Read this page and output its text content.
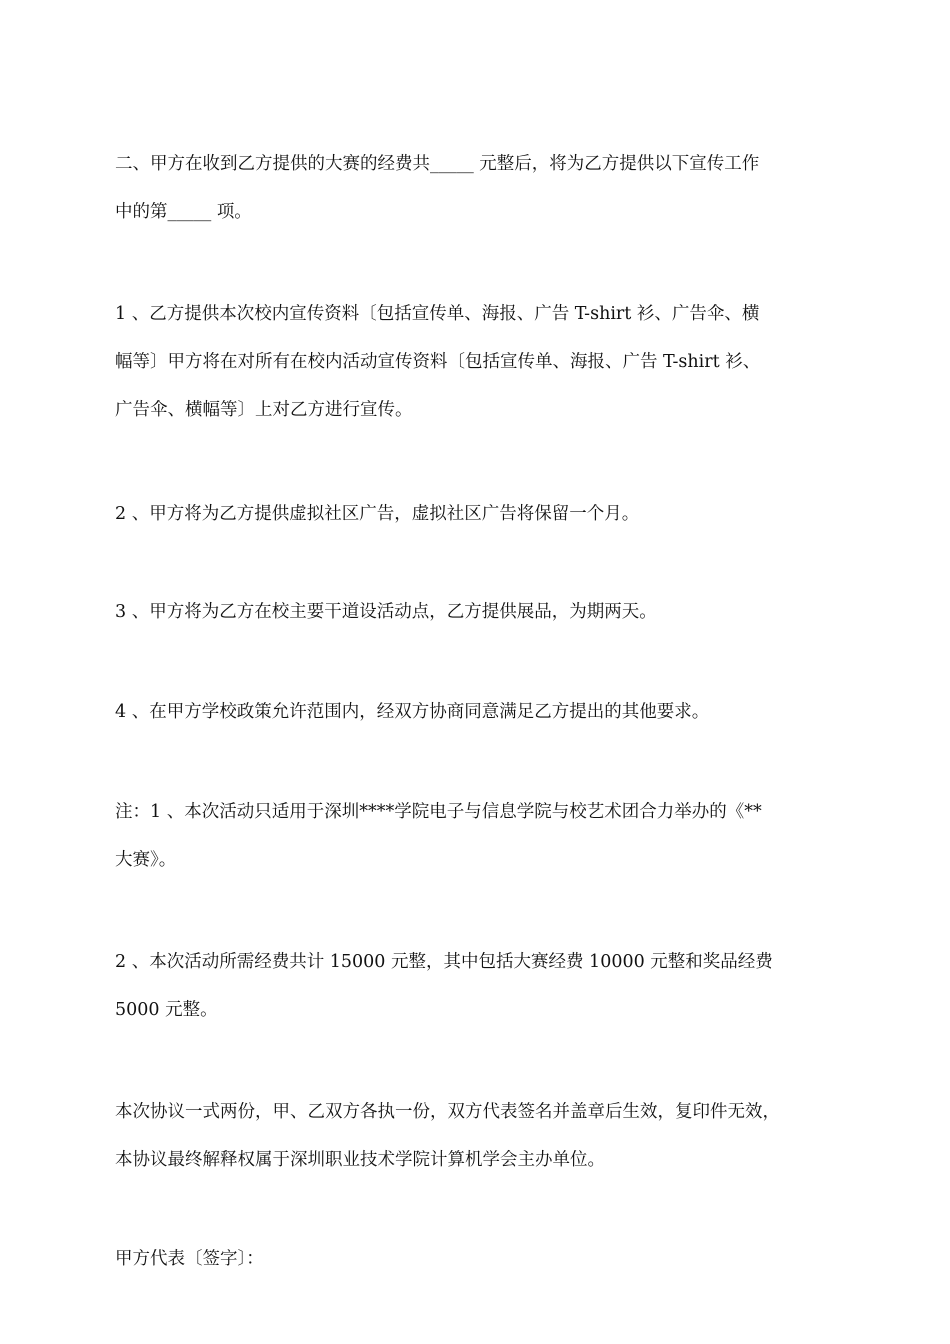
二、甲方在收到乙方提供的大赛的经费共_____ 元整后，将为乙方提供以下宣传工作
中的第_____ 项。

1 、乙方提供本次校内宣传资料〔包括宣传单、海报、广告 T-shirt 衫、广告伞、横
幅等〕甲方将在对所有在校内活动宣传资料〔包括宣传单、海报、广告 T-shirt 衫、
广告伞、横幅等〕上对乙方进行宣传。

2 、甲方将为乙方提供虚拟社区广告，虚拟社区广告将保留一个月。

3 、甲方将为乙方在校主要干道设活动点，乙方提供展品，为期两天。

4 、在甲方学校政策允许范围内，经双方协商同意满足乙方提出的其他要求。

注：1 、本次活动只适用于深圳****学院电子与信息学院与校艺术团合力举办的《**
大赛》。

2 、本次活动所需经费共计 15000 元整，其中包括大赛经费 10000 元整和奖品经费
5000 元整。

本次协议一式两份，甲、乙双方各执一份，双方代表签名并盖章后生效，复印件无效，
本协议最终解释权属于深圳职业技术学院计算机学会主办单位。

甲方代表〔签字〕：
